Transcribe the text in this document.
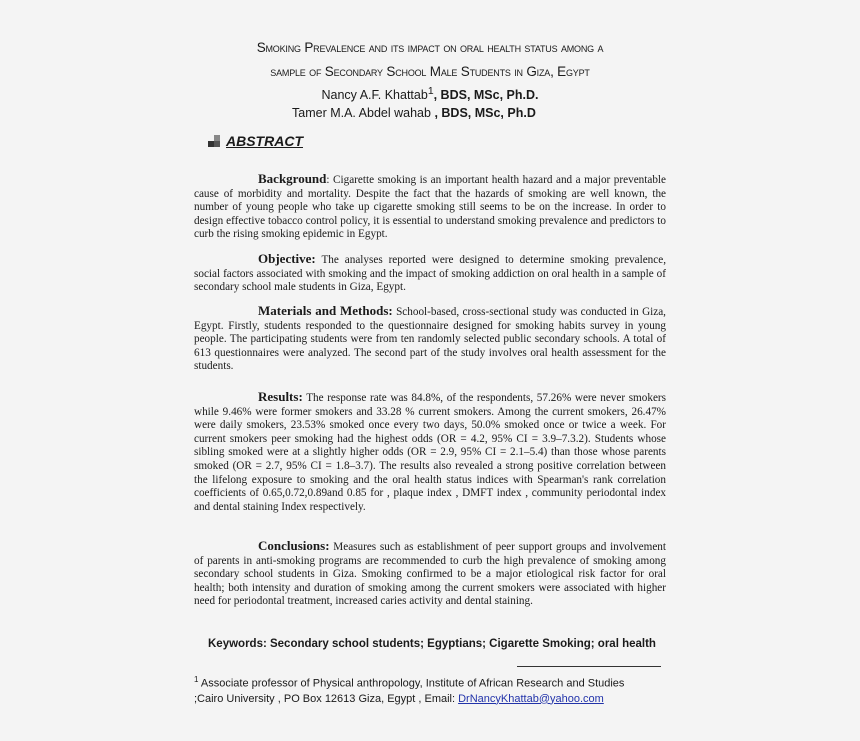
Smoking Prevalence and its impact on oral health status among a
sample of Secondary School Male Students in Giza, Egypt
Nancy A.F. Khattab$^1$, BDS, MSc, Ph.D.
Tamer M.A. Abdel wahab , BDS, MSc, Ph.D
ABSTRACT
Background: Cigarette smoking is an important health hazard and a major preventable cause of morbidity and mortality. Despite the fact that the hazards of smoking are well known, the number of young people who take up cigarette smoking still seems to be on the increase. In order to design effective tobacco control policy, it is essential to understand smoking prevalence and predictors to curb the rising smoking epidemic in Egypt.
Objective: The analyses reported were designed to determine smoking prevalence, social factors associated with smoking and the impact of smoking addiction on oral health in a sample of secondary school male students in Giza, Egypt.
Materials and Methods: School-based, cross-sectional study was conducted in Giza, Egypt. Firstly, students responded to the questionnaire designed for smoking habits survey in young people. The participating students were from ten randomly selected public secondary schools. A total of 613 questionnaires were analyzed. The second part of the study involves oral health assessment for the students.
Results: The response rate was 84.8%, of the respondents, 57.26% were never smokers while 9.46% were former smokers and 33.28 % current smokers. Among the current smokers, 26.47% were daily smokers, 23.53% smoked once every two days, 50.0% smoked once or twice a week. For current smokers peer smoking had the highest odds (OR = 4.2, 95% CI = 3.9–7.3.2). Students whose sibling smoked were at a slightly higher odds (OR = 2.9, 95% CI = 2.1–5.4) than those whose parents smoked (OR = 2.7, 95% CI = 1.8–3.7). The results also revealed a strong positive correlation between the lifelong exposure to smoking and the oral health status indices with Spearman's rank correlation coefficients of 0.65,0.72,0.89and 0.85 for , plaque index , DMFT index , community periodontal index and dental staining Index respectively.
Conclusions: Measures such as establishment of peer support groups and involvement of parents in anti-smoking programs are recommended to curb the high prevalence of smoking among secondary school students in Giza. Smoking confirmed to be a major etiological risk factor for oral health; both intensity and duration of smoking among the current smokers were associated with higher need for periodontal treatment, increased caries activity and dental staining.
Keywords: Secondary school students; Egyptians; Cigarette Smoking; oral health
$^1$ Associate professor of Physical anthropology, Institute of African Research and Studies
;Cairo University , PO Box 12613 Giza, Egypt , Email: DrNancyKhattab@yahoo.com
